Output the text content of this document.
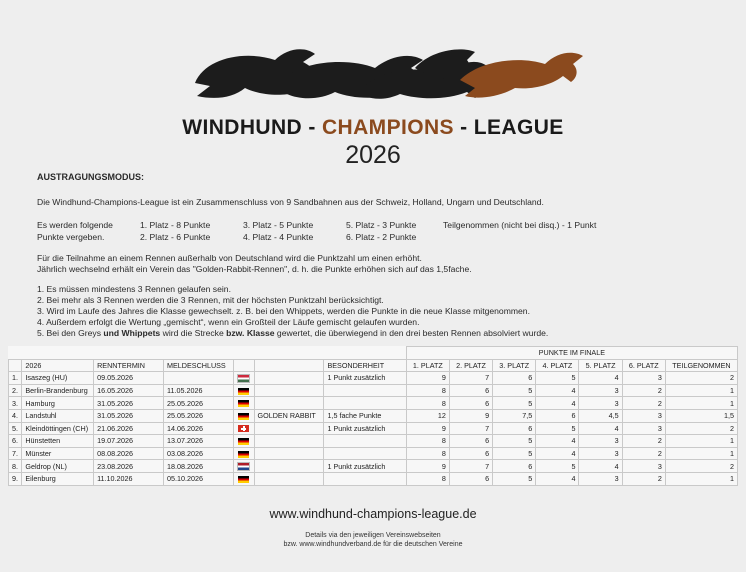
WINDHUND - CHAMPIONS - LEAGUE
2026
AUSTRAGUNGSMODUS:
Die Windhund-Champions-League ist ein Zusammenschluss von 9 Sandbahnen aus der Schweiz, Holland, Ungarn und Deutschland.
Es werden folgende
Punkte vergeben.
1. Platz - 8 Punkte	3. Platz - 5 Punkte	5. Platz - 3 Punkte
2. Platz - 6 Punkte	4. Platz - 4 Punkte	6. Platz - 2 Punkte
Teilgenommen (nicht bei disq.) - 1 Punkt
Für die Teilnahme an einem Rennen außerhalb von Deutschland wird die Punktzahl um einen erhöht.
Jährlich wechselnd erhält ein Verein das "Golden-Rabbit-Rennen", d. h. die Punkte erhöhen sich auf das 1,5fache.
1. Es müssen mindestens 3 Rennen gelaufen sein.
2. Bei mehr als 3 Rennen werden die 3 Rennen, mit der höchsten Punktzahl berücksichtigt.
3. Wird im Laufe des Jahres die Klasse gewechselt. z. B. bei den Whippets, werden die Punkte in die neue Klasse mitgenommen.
4. Außerdem erfolgt die Wertung „gemischt“, wenn ein Großteil der Läufe gemischt gelaufen wurden.
5. Bei den Greys und Whippets wird die Strecke bzw. Klasse gewertet, die überwiegend in den drei besten Rennen absolviert wurde.
							PUNKTE IM FINALE						
	2026	RENNTERMIN	MELDESCHLUSS			BESONDERHEIT	1. PLATZ	2. PLATZ	3. PLATZ	4. PLATZ	5. PLATZ	6. PLATZ	TEILGENOMMEN
1.	Isaszeg (HU)	09.05.2026				1 Punkt zusätzlich	9	7	6	5	4	3	2
2.	Berlin-Brandenburg	16.05.2026	11.05.2026				8	6	5	4	3	2	1
3.	Hamburg	31.05.2026	25.05.2026				8	6	5	4	3	2	1
4.	Landstuhl	31.05.2026	25.05.2026		GOLDEN RABBIT	1,5 fache Punkte	12	9	7,5	6	4,5	3	1,5
5.	Kleindöttingen (CH)	21.06.2026	14.06.2026			1 Punkt zusätzlich	9	7	6	5	4	3	2
6.	Hünstetten	19.07.2026	13.07.2026				8	6	5	4	3	2	1
7.	Münster	08.08.2026	03.08.2026				8	6	5	4	3	2	1
8.	Geldrop (NL)	23.08.2026	18.08.2026			1 Punkt zusätzlich	9	7	6	5	4	3	2
9.	Eilenburg	11.10.2026	05.10.2026				8	6	5	4	3	2	1
www.windhund-champions-league.de
Details via den jeweiligen Vereinswebseiten
bzw. www.windhundverband.de für die deutschen Vereine
